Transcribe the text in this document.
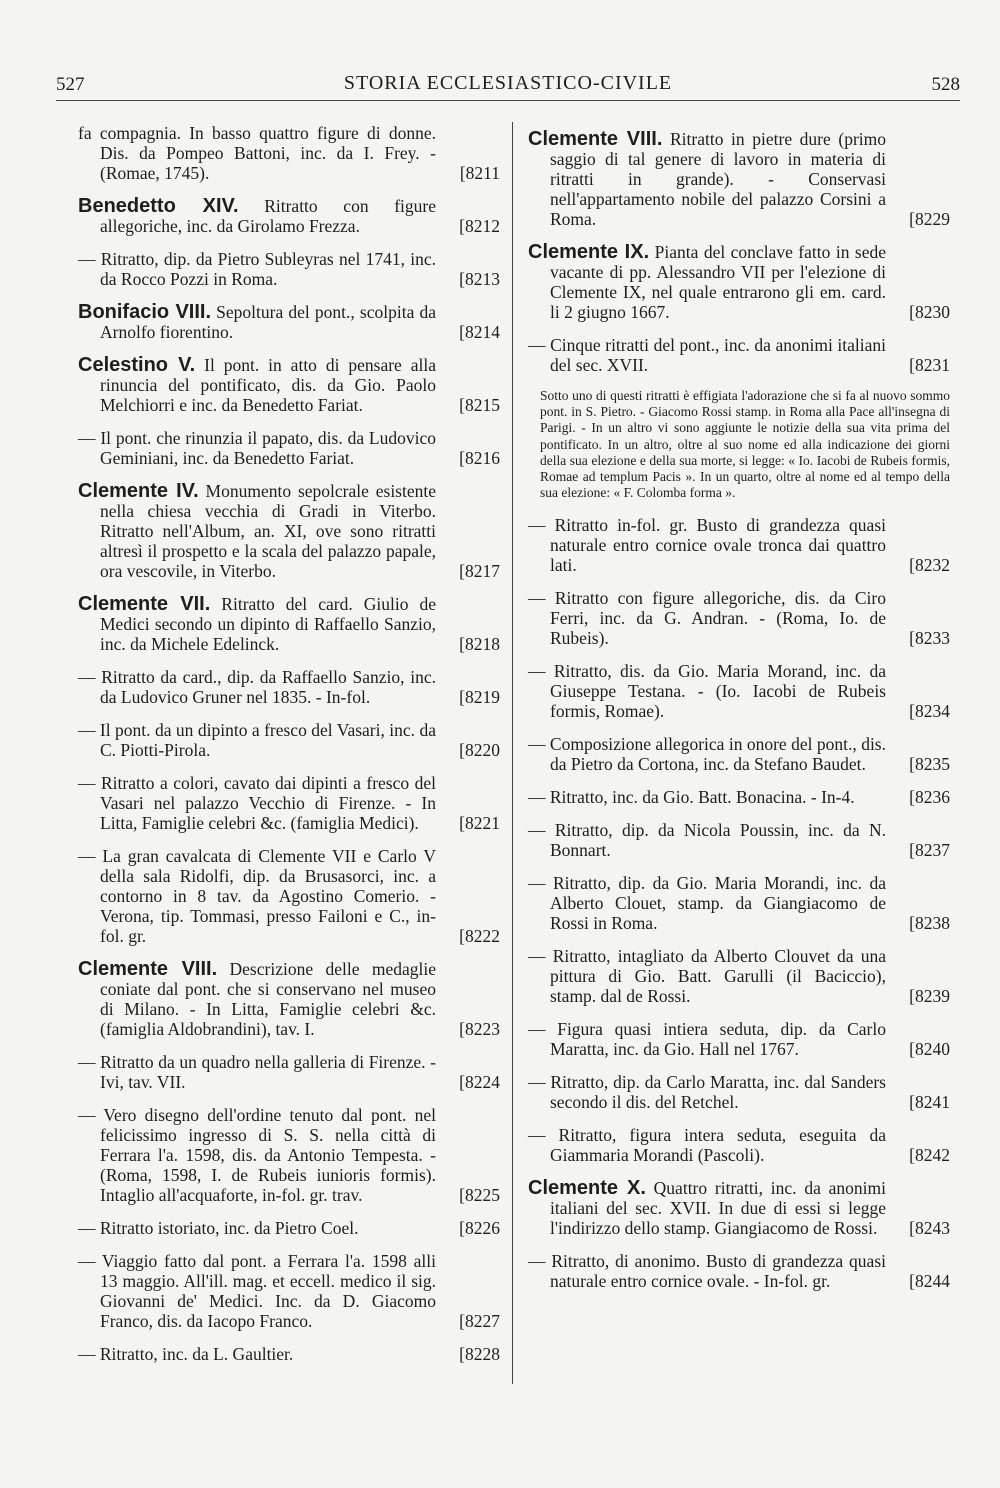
527	STORIA ECCLESIASTICO-CIVILE	528
fa compagnia. In basso quattro figure di donne. Dis. da Pompeo Battoni, inc. da I. Frey. - (Romae, 1745).	[8211
Benedetto XIV. Ritratto con figure allegoriche, inc. da Girolamo Frezza.	[8212
— Ritratto, dip. da Pietro Subleyras nel 1741, inc. da Rocco Pozzi in Roma.	[8213
Bonifacio VIII. Sepoltura del pont., scolpita da Arnolfo fiorentino.	[8214
Celestino V. Il pont. in atto di pensare alla rinuncia del pontificato, dis. da Gio. Paolo Melchiorri e inc. da Benedetto Fariat.	[8215
— Il pont. che rinunzia il papato, dis. da Ludovico Geminiani, inc. da Benedetto Fariat.	[8216
Clemente IV. Monumento sepolcrale esistente nella chiesa vecchia di Gradi in Viterbo. Ritratto nell'Album, an. XI, ove sono ritratti altresì il prospetto e la scala del palazzo papale, ora vescovile, in Viterbo.	[8217
Clemente VII. Ritratto del card. Giulio de Medici secondo un dipinto di Raffaello Sanzio, inc. da Michele Edelinck.	[8218
— Ritratto da card., dip. da Raffaello Sanzio, inc. da Ludovico Gruner nel 1835. - In-fol.	[8219
— Il pont. da un dipinto a fresco del Vasari, inc. da C. Piotti-Pirola.	[8220
— Ritratto a colori, cavato dai dipinti a fresco del Vasari nel palazzo Vecchio di Firenze. - In Litta, Famiglie celebri &c. (famiglia Medici). [8221
— La gran cavalcata di Clemente VII e Carlo V della sala Ridolfi, dip. da Brusasorci, inc. a contorno in 8 tav. da Agostino Comerio. - Verona, tip. Tommasi, presso Failoni e C., in-fol. gr.	[8222
Clemente VIII. Descrizione delle medaglie coniate dal pont. che si conservano nel museo di Milano. - In Litta, Famiglie celebri &c. (famiglia Aldobrandini), tav. I.	[8223
— Ritratto da un quadro nella galleria di Firenze. - Ivi, tav. VII.	[8224
— Vero disegno dell'ordine tenuto dal pont. nel felicissimo ingresso di S. S. nella città di Ferrara l'a. 1598, dis. da Antonio Tempesta. - (Roma, 1598, I. de Rubeis iunioris formis). Intaglio all'acquaforte, in-fol. gr. trav.	[8225
— Ritratto istoriato, inc. da Pietro Coel.	[8226
— Viaggio fatto dal pont. a Ferrara l'a. 1598 alli 13 maggio. All'ill. mag. et eccell. medico il sig. Giovanni de' Medici. Inc. da D. Giacomo Franco, dis. da Iacopo Franco.	[8227
— Ritratto, inc. da L. Gaultier.	[8228
Clemente VIII. Ritratto in pietre dure (primo saggio di tal genere di lavoro in materia di ritratti in grande). - Conservasi nell'appartamento nobile del palazzo Corsini a Roma.	[8229
Clemente IX. Pianta del conclave fatto in sede vacante di pp. Alessandro VII per l'elezione di Clemente IX, nel quale entrarono gli em. card. li 2 giugno 1667.	[8230
— Cinque ritratti del pont., inc. da anonimi italiani del sec. XVII.	[8231
Sotto uno di questi ritratti è effigiata l'adorazione che si fa al nuovo sommo pont. in S. Pietro. - Giacomo Rossi stamp. in Roma alla Pace all'insegna di Parigi. - In un altro vi sono aggiunte le notizie della sua vita prima del pontificato. In un altro, oltre al suo nome ed alla indicazione dei giorni della sua elezione e della sua morte, si legge: « Io. Iacobi de Rubeis formis, Romae ad templum Pacis ». In un quarto, oltre al nome ed al tempo della sua elezione: « F. Colomba forma ».
— Ritratto in-fol. gr. Busto di grandezza quasi naturale entro cornice ovale tronca dai quattro lati.	[8232
— Ritratto con figure allegoriche, dis. da Ciro Ferri, inc. da G. Andran. - (Roma, Io. de Rubeis).	[8233
— Ritratto, dis. da Gio. Maria Morand, inc. da Giuseppe Testana. - (Io. Iacobi de Rubeis formis, Romae).	[8234
— Composizione allegorica in onore del pont., dis. da Pietro da Cortona, inc. da Stefano Baudet. [8235
— Ritratto, inc. da Gio. Batt. Bonacina. - In-4.	[8236
— Ritratto, dip. da Nicola Poussin, inc. da N. Bonnart.	[8237
— Ritratto, dip. da Gio. Maria Morandi, inc. da Alberto Clouet, stamp. da Giangiacomo de Rossi in Roma.	[8238
— Ritratto, intagliato da Alberto Clouvet da una pittura di Gio. Batt. Garulli (il Baciccio), stamp. dal de Rossi.	[8239
— Figura quasi intiera seduta, dip. da Carlo Maratta, inc. da Gio. Hall nel 1767.	[8240
— Ritratto, dip. da Carlo Maratta, inc. dal Sanders secondo il dis. del Retchel.	[8241
— Ritratto, figura intera seduta, eseguita da Giammaria Morandi (Pascoli).	[8242
Clemente X. Quattro ritratti, inc. da anonimi italiani del sec. XVII. In due di essi si legge l'indirizzo dello stamp. Giangiacomo de Rossi. [8243
— Ritratto, di anonimo. Busto di grandezza quasi naturale entro cornice ovale. - In-fol. gr.	[8244
